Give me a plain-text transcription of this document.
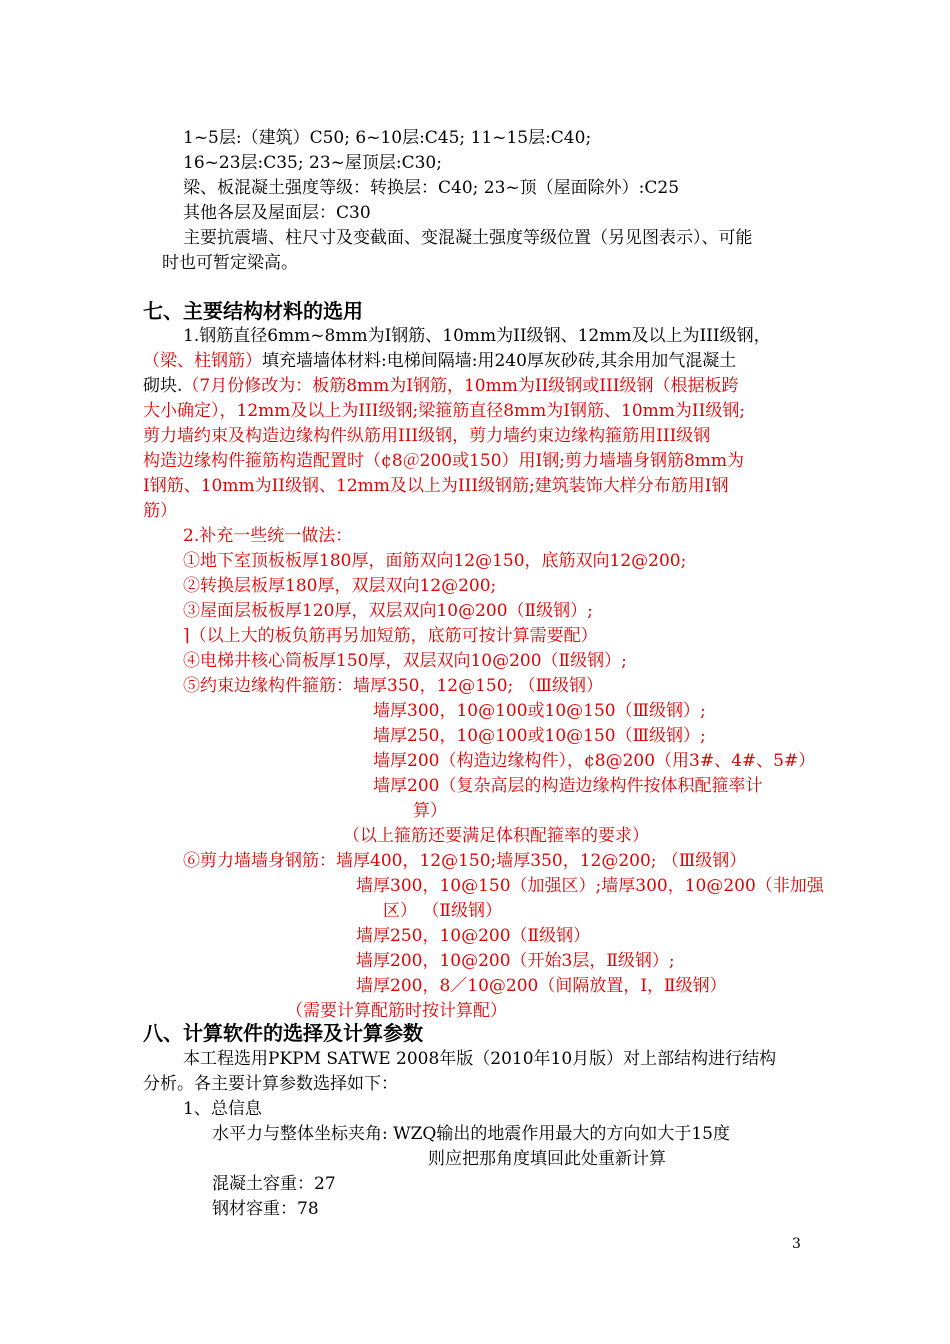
1~5层:（建筑）C50; 6~10层:C45; 11~15层:C40;
16~23层:C35; 23~屋顶层:C30;
梁、板混凝土强度等级：转换层：C40; 23~顶（屋面除外）:C25
其他各层及屋面层：C30
主要抗震墙、柱尺寸及变截面、变混凝土强度等级位置（另见图表示）、可能
时也可暂定梁高。
七、主要结构材料的选用
1.钢筋直径6mm~8mm为I钢筋、10mm为II级钢、12mm及以上为III级钢，
（梁、柱钢筋）填充墙墙体材料:电梯间隔墙:用240厚灰砂砖,其余用加气混凝土
砌块.（7月份修改为：板筋8mm为I钢筋，10mm为II级钢或III级钢（根据板跨
大小确定），12mm及以上为III级钢;梁箍筋直径8mm为I钢筋、10mm为II级钢;
剪力墙约束及构造边缘构件纵筋用III级钢，剪力墙约束边缘构箍筋用III级钢
构造边缘构件箍筋构造配置时（¢8＠200或150）用I钢;剪力墙墙身钢筋8mm为
I钢筋、10mm为II级钢、12mm及以上为III级钢筋;建筑装饰大样分布筋用I钢
筋）
2.补充一些统一做法：
①地下室顶板板厚180厚，面筋双向12@150，底筋双向12@200;
②转换层板厚180厚，双层双向12@200;
③屋面层板板厚120厚，双层双向10@200（Ⅱ级钢）;
⌉（以上大的板负筋再另加短筋，底筋可按计算需要配）
④电梯井核心筒板厚150厚，双层双向10@200（Ⅱ级钢）;
⑤约束边缘构件箍筋：墙厚350，12@150; （Ⅲ级钢）
墙厚300，10@100或10@150（Ⅲ级钢）;
墙厚250，10@100或10@150（Ⅲ级钢）;
墙厚200（构造边缘构件），¢8@200（用3#、4#、5#）
墙厚200（复杂高层的构造边缘构件按体积配箍率计
算）
（以上箍筋还要满足体积配箍率的要求）
⑥剪力墙墙身钢筋：墙厚400，12@150;墙厚350，12@200; （Ⅲ级钢）
墙厚300，10@150（加强区）;墙厚300，10@200（非加强
区） （Ⅱ级钢）
墙厚250，10@200（Ⅱ级钢）
墙厚200，10@200（开始3层，Ⅱ级钢）;
墙厚200，8／10@200（间隔放置，Ⅰ，Ⅱ级钢）
（需要计算配筋时按计算配）
八、计算软件的选择及计算参数
本工程选用PKPM SATWE 2008年版（2010年10月版）对上部结构进行结构
分析。各主要计算参数选择如下：
1、总信息
水平力与整体坐标夹角: WZQ输出的地震作用最大的方向如大于15度
则应把那角度填回此处重新计算
混凝土容重：27
钢材容重：78
3
